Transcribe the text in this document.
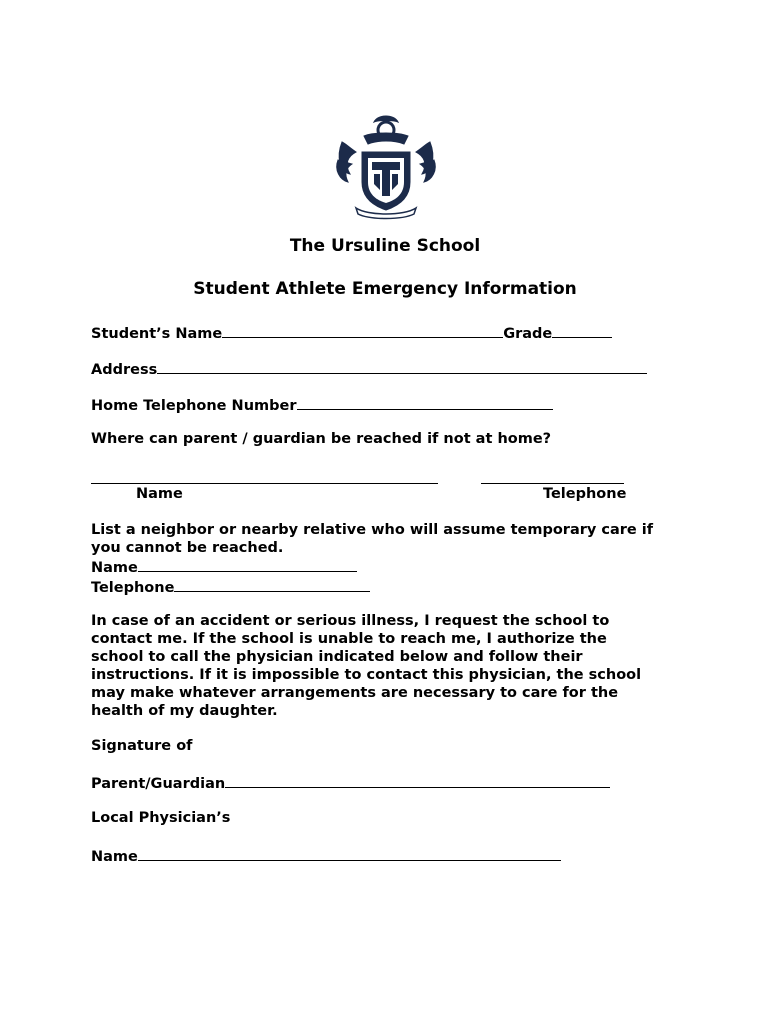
The Ursuline School
Student Athlete Emergency Information
Student’s Name	Grade
Address
Home Telephone Number
Where can parent / guardian be reached if not at home?
Name	Telephone
List a neighbor or nearby relative who will assume temporary care if
you cannot be reached.
Name
Telephone
In case of an accident or serious illness, I request the school to
contact me. If the school is unable to reach me, I authorize the
school to call the physician indicated below and follow their
instructions. If it is impossible to contact this physician, the school
may make whatever arrangements are necessary to care for the
health of my daughter.
Signature of
Parent/Guardian
Local Physician’s
Name
